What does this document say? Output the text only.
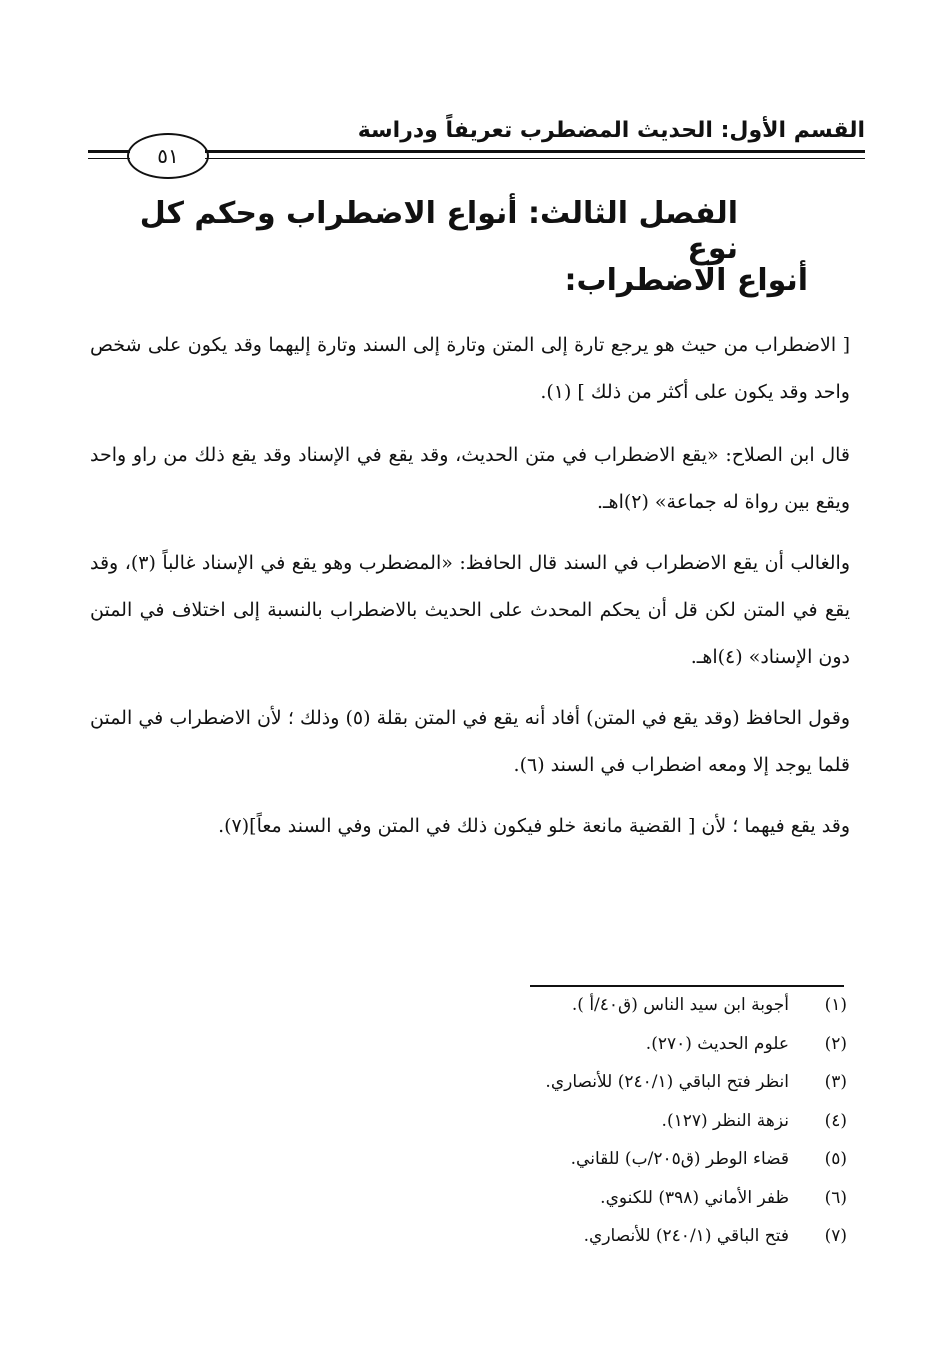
القسم الأول: الحديث المضطرب تعريفاً ودراسة
٥١
الفصل الثالث: أنواع الاضطراب وحكم كل نوع
أنواع الاضطراب:
[ الاضطراب من حيث هو يرجع تارة إلى المتن وتارة إلى السند وتارة إليهما وقد يكون على شخص واحد وقد يكون على أكثر من ذلك ] (١).
قال ابن الصلاح: «يقع الاضطراب في متن الحديث، وقد يقع في الإسناد وقد يقع ذلك من راو واحد ويقع بين رواة له جماعة» (٢)اهـ.
والغالب أن يقع الاضطراب في السند قال الحافظ: «المضطرب وهو يقع في الإسناد غالباً (٣)، وقد يقع في المتن لكن قل أن يحكم المحدث على الحديث بالاضطراب بالنسبة إلى اختلاف في المتن دون الإسناد» (٤)اهـ.
وقول الحافظ (وقد يقع في المتن) أفاد أنه يقع في المتن بقلة (٥) وذلك ؛ لأن الاضطراب في المتن قلما يوجد إلا ومعه اضطراب في السند (٦).
وقد يقع فيهما ؛ لأن [ القضية مانعة خلو فيكون ذلك في المتن وفي السند معاً](٧).
(١)
أجوبة ابن سيد الناس (ق٤٠/أ ).
(٢)
علوم الحديث (٢٧٠).
(٣)
انظر فتح الباقي (٢٤٠/١) للأنصاري.
(٤)
نزهة النظر (١٢٧).
(٥)
قضاء الوطر (ق٢٠٥/ب) للقاني.
(٦)
ظفر الأماني (٣٩٨) للكنوي.
(٧)
فتح الباقي (٢٤٠/١) للأنصاري.
